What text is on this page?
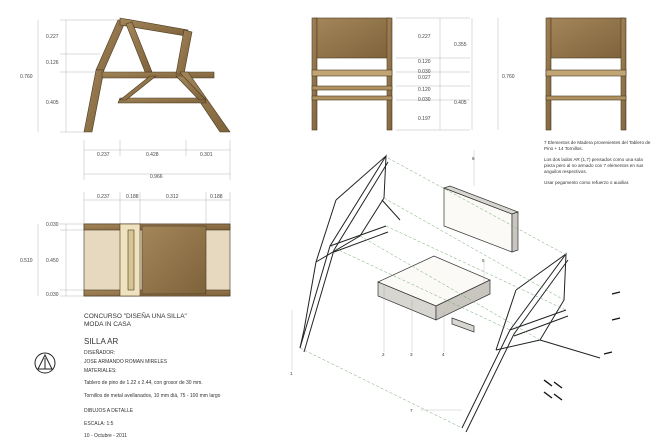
0.227
0.126
0.405
0.760
0.237	0.428	0.301
0.966
0.237	0.188	0.312	0.188
0.030
0.450
0.030
0.510
0.227
0.120
0.030
0.027
0.120
0.030
0.197
0.355
0.405
0.760
1
2	3	4
5
6
7

7 Elementos de Madera provenientes del Tablero de Pino + 14 Tornillos.

Los dos lados AR (1,7) pensados como una sola pieza pero al no armado con 7 elementos en sus anguilos respectivos.

Usar pegamento como refuerzo o auxiliar.

CONCURSO "DISEÑA UNA SILLA"
MODA IN CASA
SILLA AR
DISEÑADOR:
JOSE ARMANDO ROMAN MIRELES
MATERIALES:
Tablero de pino de 1.22 x 2.44, con grosor de 30 mm.
Tornillos de metal avellanados, 10 mm diá, 75 - 100 mm largo
DIBUJOS A DETALLE
ESCALA: 1:5
10 - Octubre - 2011
